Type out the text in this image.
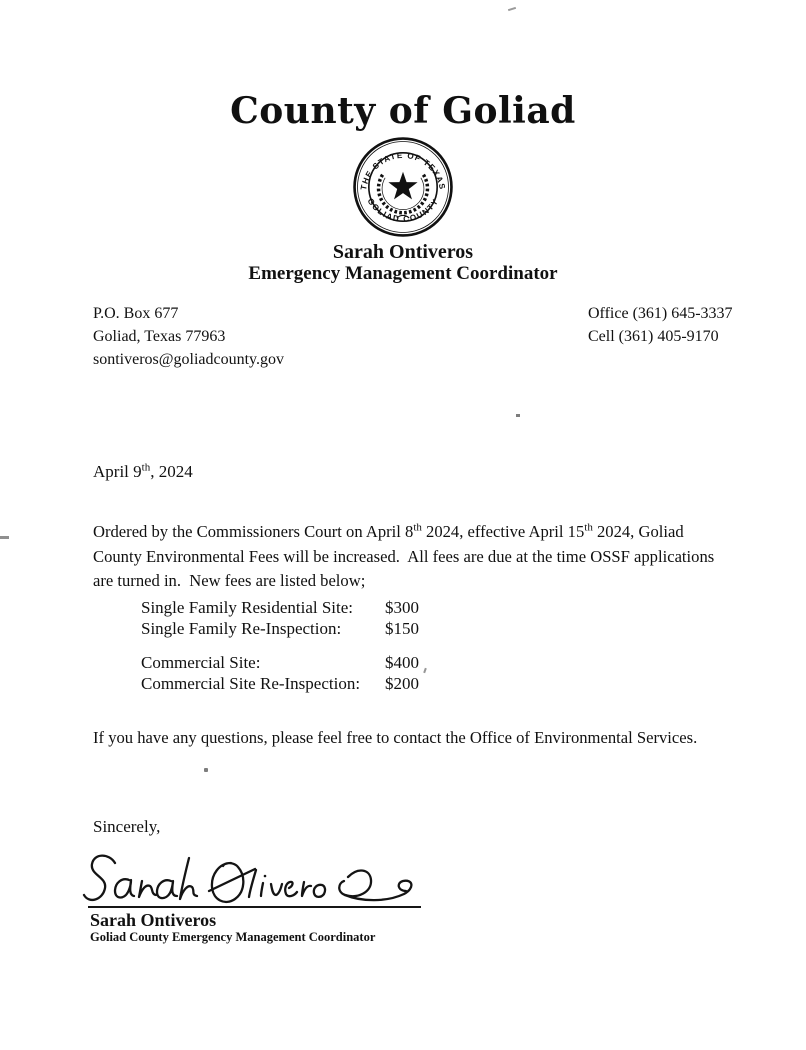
County of Goliad
THE STATE OF TEXAS
GOLIAD COUNTY
Sarah Ontiveros
Emergency Management Coordinator
P.O. Box 677
Goliad, Texas 77963
sontiveros@goliadcounty.gov
Office (361) 645-3337
Cell (361) 405-9170
April 9th, 2024
Ordered by the Commissioners Court on April 8th 2024, effective April 15th 2024, Goliad County Environmental Fees will be increased.  All fees are due at the time OSSF applications are turned in.  New fees are listed below;
Single Family Residential Site:	$300
Single Family Re-Inspection:	$150
Commercial Site:	$400
Commercial Site Re-Inspection:	$200
If you have any questions, please feel free to contact the Office of Environmental Services.
Sincerely,
Sarah Ontiveros
Goliad County Emergency Management Coordinator
